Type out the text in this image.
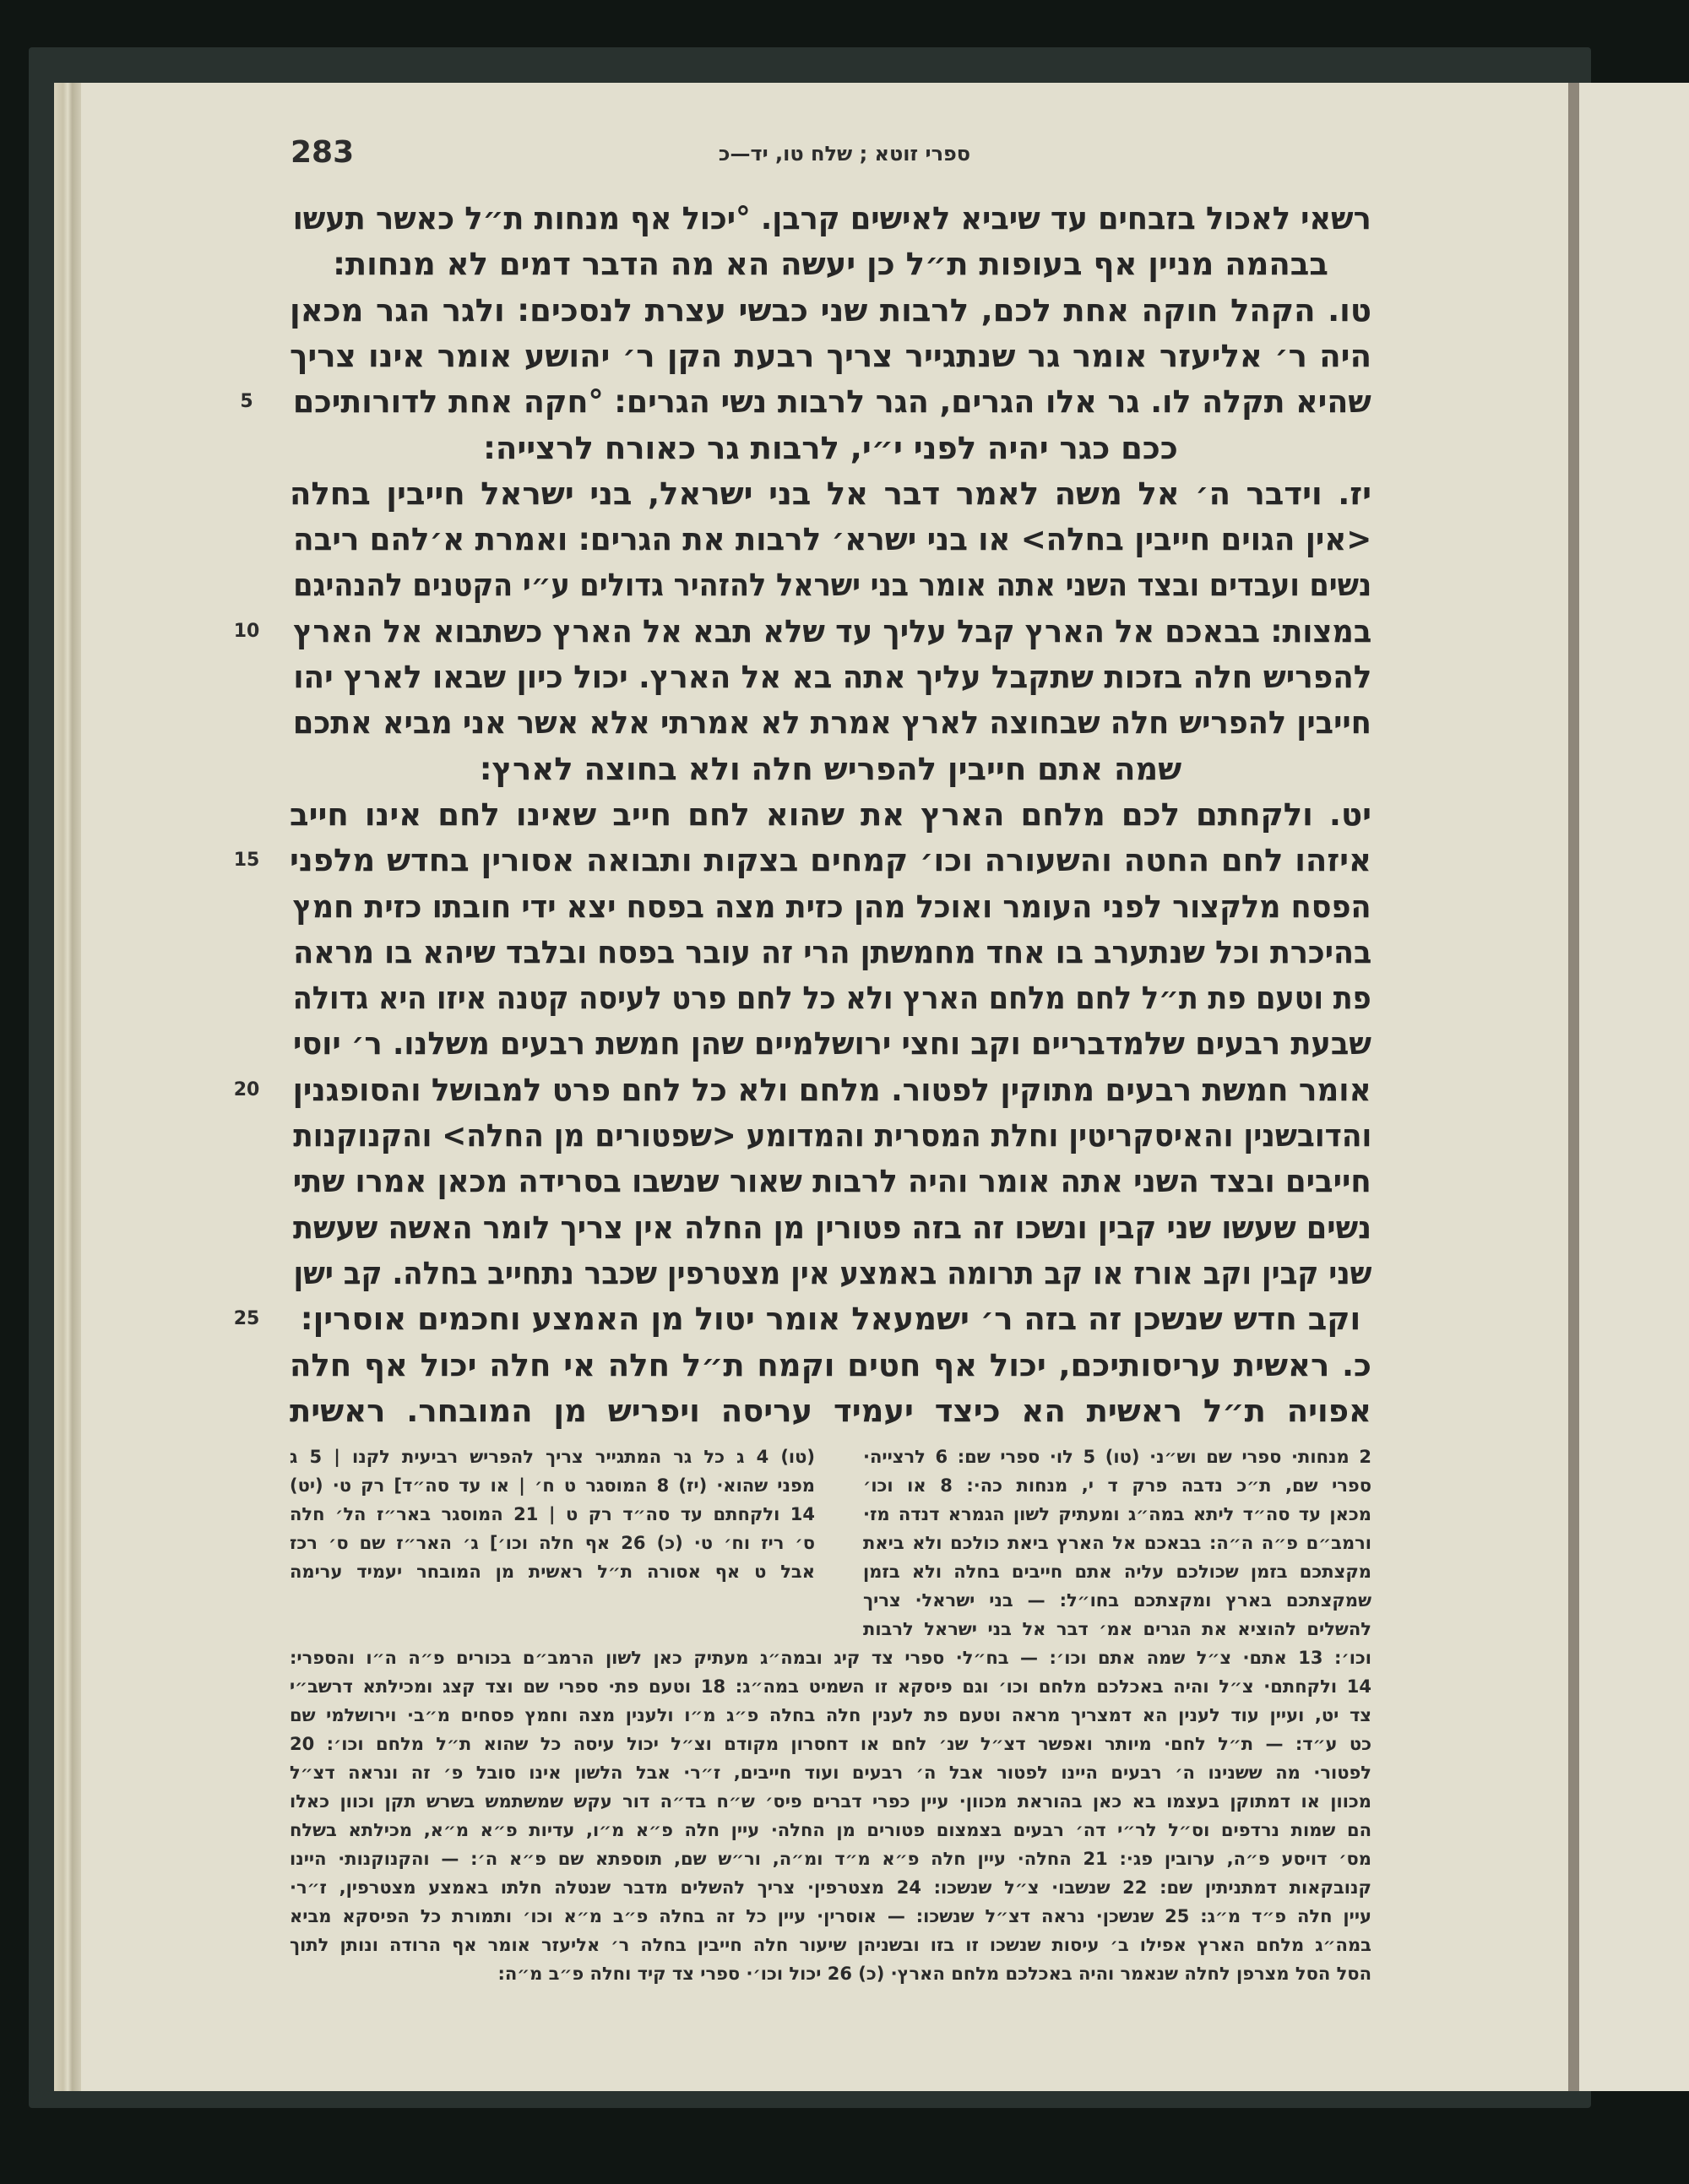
283	ספרי זוטא ; שלח טו, יד—כ
רשאי לאכול בזבחים עד שיביא לאישים קרבן. °יכול אף מנחות ת״ל כאשר תעשו
בבהמה מניין אף בעופות ת״ל כן יעשה הא מה הדבר דמים לא מנחות:
טו. הקהל חוקה אחת לכם, לרבות שני כבשי עצרת לנסכים: ולגר הגר מכאן
היה ר׳ אליעזר אומר גר שנתגייר צריך רבעת הקן ר׳ יהושע אומר אינו צריך
שהיא תקלה לו. גר אלו הגרים, הגר לרבות נשי הגרים: °חקה אחת לדורותיכם
ככם כגר יהיה לפני י״י, לרבות גר כאורח לרצייה:
יז. וידבר ה׳ אל משה לאמר דבר אל בני ישראל, בני ישראל חייבין בחלה
<אין הגוים חייבין בחלה> או בני ישרא׳ לרבות את הגרים: ואמרת א׳להם ריבה
נשים ועבדים ובצד השני אתה אומר בני ישראל להזהיר גדולים ע״י הקטנים להנהיגם
במצות: בבאכם אל הארץ קבל עליך עד שלא תבא אל הארץ כשתבוא אל הארץ
להפריש חלה בזכות שתקבל עליך אתה בא אל הארץ. יכול כיון שבאו לארץ יהו
חייבין להפריש חלה שבחוצה לארץ אמרת לא אמרתי אלא אשר אני מביא אתכם
שמה אתם חייבין להפריש חלה ולא בחוצה לארץ:
יט. ולקחתם לכם מלחם הארץ את שהוא לחם חייב שאינו לחם אינו חייב
איזהו לחם החטה והשעורה וכו׳ קמחים בצקות ותבואה אסורין בחדש מלפני
הפסח מלקצור לפני העומר ואוכל מהן כזית מצה בפסח יצא ידי חובתו כזית חמץ
בהיכרת וכל שנתערב בו אחד מחמשתן הרי זה עובר בפסח ובלבד שיהא בו מראה
פת וטעם פת ת״ל לחם מלחם הארץ ולא כל לחם פרט לעיסה קטנה איזו היא גדולה
שבעת רבעים שלמדבריים וקב וחצי ירושלמיים שהן חמשת רבעים משלנו. ר׳ יוסי
אומר חמשת רבעים מתוקין לפטור. מלחם ולא כל לחם פרט למבושל והסופגנין
והדובשנין והאיסקריטין וחלת המסרית והמדומע <שפטורים מן החלה> והקנוקנות
חייבים ובצד השני אתה אומר והיה לרבות שאור שנשבו בסרידה מכאן אמרו שתי
נשים שעשו שני קבין ונשכו זה בזה פטורין מן החלה אין צריך לומר האשה שעשת
שני קבין וקב אורז או קב תרומה באמצע אין מצטרפין שכבר נתחייב בחלה. קב ישן
וקב חדש שנשכן זה בזה ר׳ ישמעאל אומר יטול מן האמצע וחכמים אוסרין:
כ. ראשית עריסותיכם, יכול אף חטים וקמח ת״ל חלה אי חלה יכול אף חלה
אפויה ת״ל ראשית הא כיצד יעמיד עריסה ויפריש מן המובחר. ראשית
5
10
15
20
25
(טו) 4 ג כל גר המתגייר צריך להפריש רביעית לקנו | 5 ג
מפני שהוא· (יז) 8 המוסגר ט ח׳ | או עד סה״ד] רק ט· (יט)
14 ולקחתם עד סה״ד רק ט | 21 המוסגר באר״ז הל׳ חלה
ס׳ ריז וח׳ ט· (כ) 26 אף חלה וכו׳] ג׳ האר״ז שם ס׳ רכז
אבל ט אף אסורה ת״ל ראשית מן המובחר יעמיד ערימה
2 מנחות· ספרי שם וש״נ· (טו) 5 לו· ספרי שם: 6 לרצייה·
ספרי שם, ת״כ נדבה פרק ד י, מנחות כה·: 8 או וכו׳
מכאן עד סה״ד ליתא במה״ג ומעתיק לשון הגמרא דנדה מז·
ורמב״ם פ״ה ה״ה: בבאכם אל הארץ ביאת כולכם ולא ביאת
מקצתכם בזמן שכולכם עליה אתם חייבים בחלה ולא בזמן
שמקצתכם בארץ ומקצתכם בחו״ל: — בני ישראל· צריך
להשלים להוציא את הגרים אמ׳ דבר אל בני ישראל לרבות
וכו׳: 13 אתם· צ״ל שמה אתם וכו׳: — בח״ל· ספרי צד קיג ובמה״ג מעתיק כאן לשון הרמב״ם בכורים פ״ה ה״ו והספרי:
14 ולקחתם· צ״ל והיה באכלכם מלחם וכו׳ וגם פיסקא זו השמיט במה״ג: 18 וטעם פת· ספרי שם וצד קצג ומכילתא דרשב״י
צד יט, ועיין עוד לענין הא דמצריך מראה וטעם פת לענין חלה בחלה פ״ג מ״ו ולענין מצה וחמץ פסחים מ״ב· וירושלמי שם
כט ע״ד: — ת״ל לחם· מיותר ואפשר דצ״ל שנ׳ לחם או דחסרון מקודם וצ״ל יכול עיסה כל שהוא ת״ל מלחם וכו׳: 20
לפטור· מה ששנינו ה׳ רבעים היינו לפטור אבל ה׳ רבעים ועוד חייבים, ז״ר· אבל הלשון אינו סובל פ׳ זה ונראה דצ״ל
מכוון או דמתוקן בעצמו בא כאן בהוראת מכוון· עיין כפרי דברים פיס׳ ש״ח בד״ה דור עקש שמשתמש בשרש תקן וכוון כאלו
הם שמות נרדפים וס״ל לר״י דה׳ רבעים בצמצום פטורים מן החלה· עיין חלה פ״א מ״ו, עדיות פ״א מ״א, מכילתא בשלח
מס׳ דויסע פ״ה, ערובין פג·: 21 החלה· עיין חלה פ״א מ״ד ומ״ה, ור״ש שם, תוספתא שם פ״א ה׳: — והקנוקנות· היינו
קנובקאות דמתניתין שם: 22 שנשבו· צ״ל שנשכו: 24 מצטרפין· צריך להשלים מדבר שנטלה חלתו באמצע מצטרפין, ז״ר·
עיין חלה פ״ד מ״ג: 25 שנשכן· נראה דצ״ל שנשכו: — אוסרין· עיין כל זה בחלה פ״ב מ״א וכו׳ ותמורת כל הפיסקא מביא
במה״ג מלחם הארץ אפילו ב׳ עיסות שנשכו זו בזו ובשניהן שיעור חלה חייבין בחלה ר׳ אליעזר אומר אף הרודה ונותן לתוך
הסל הסל מצרפן לחלה שנאמר והיה באכלכם מלחם הארץ· (כ) 26 יכול וכו׳· ספרי צד קיד וחלה פ״ב מ״ה:
